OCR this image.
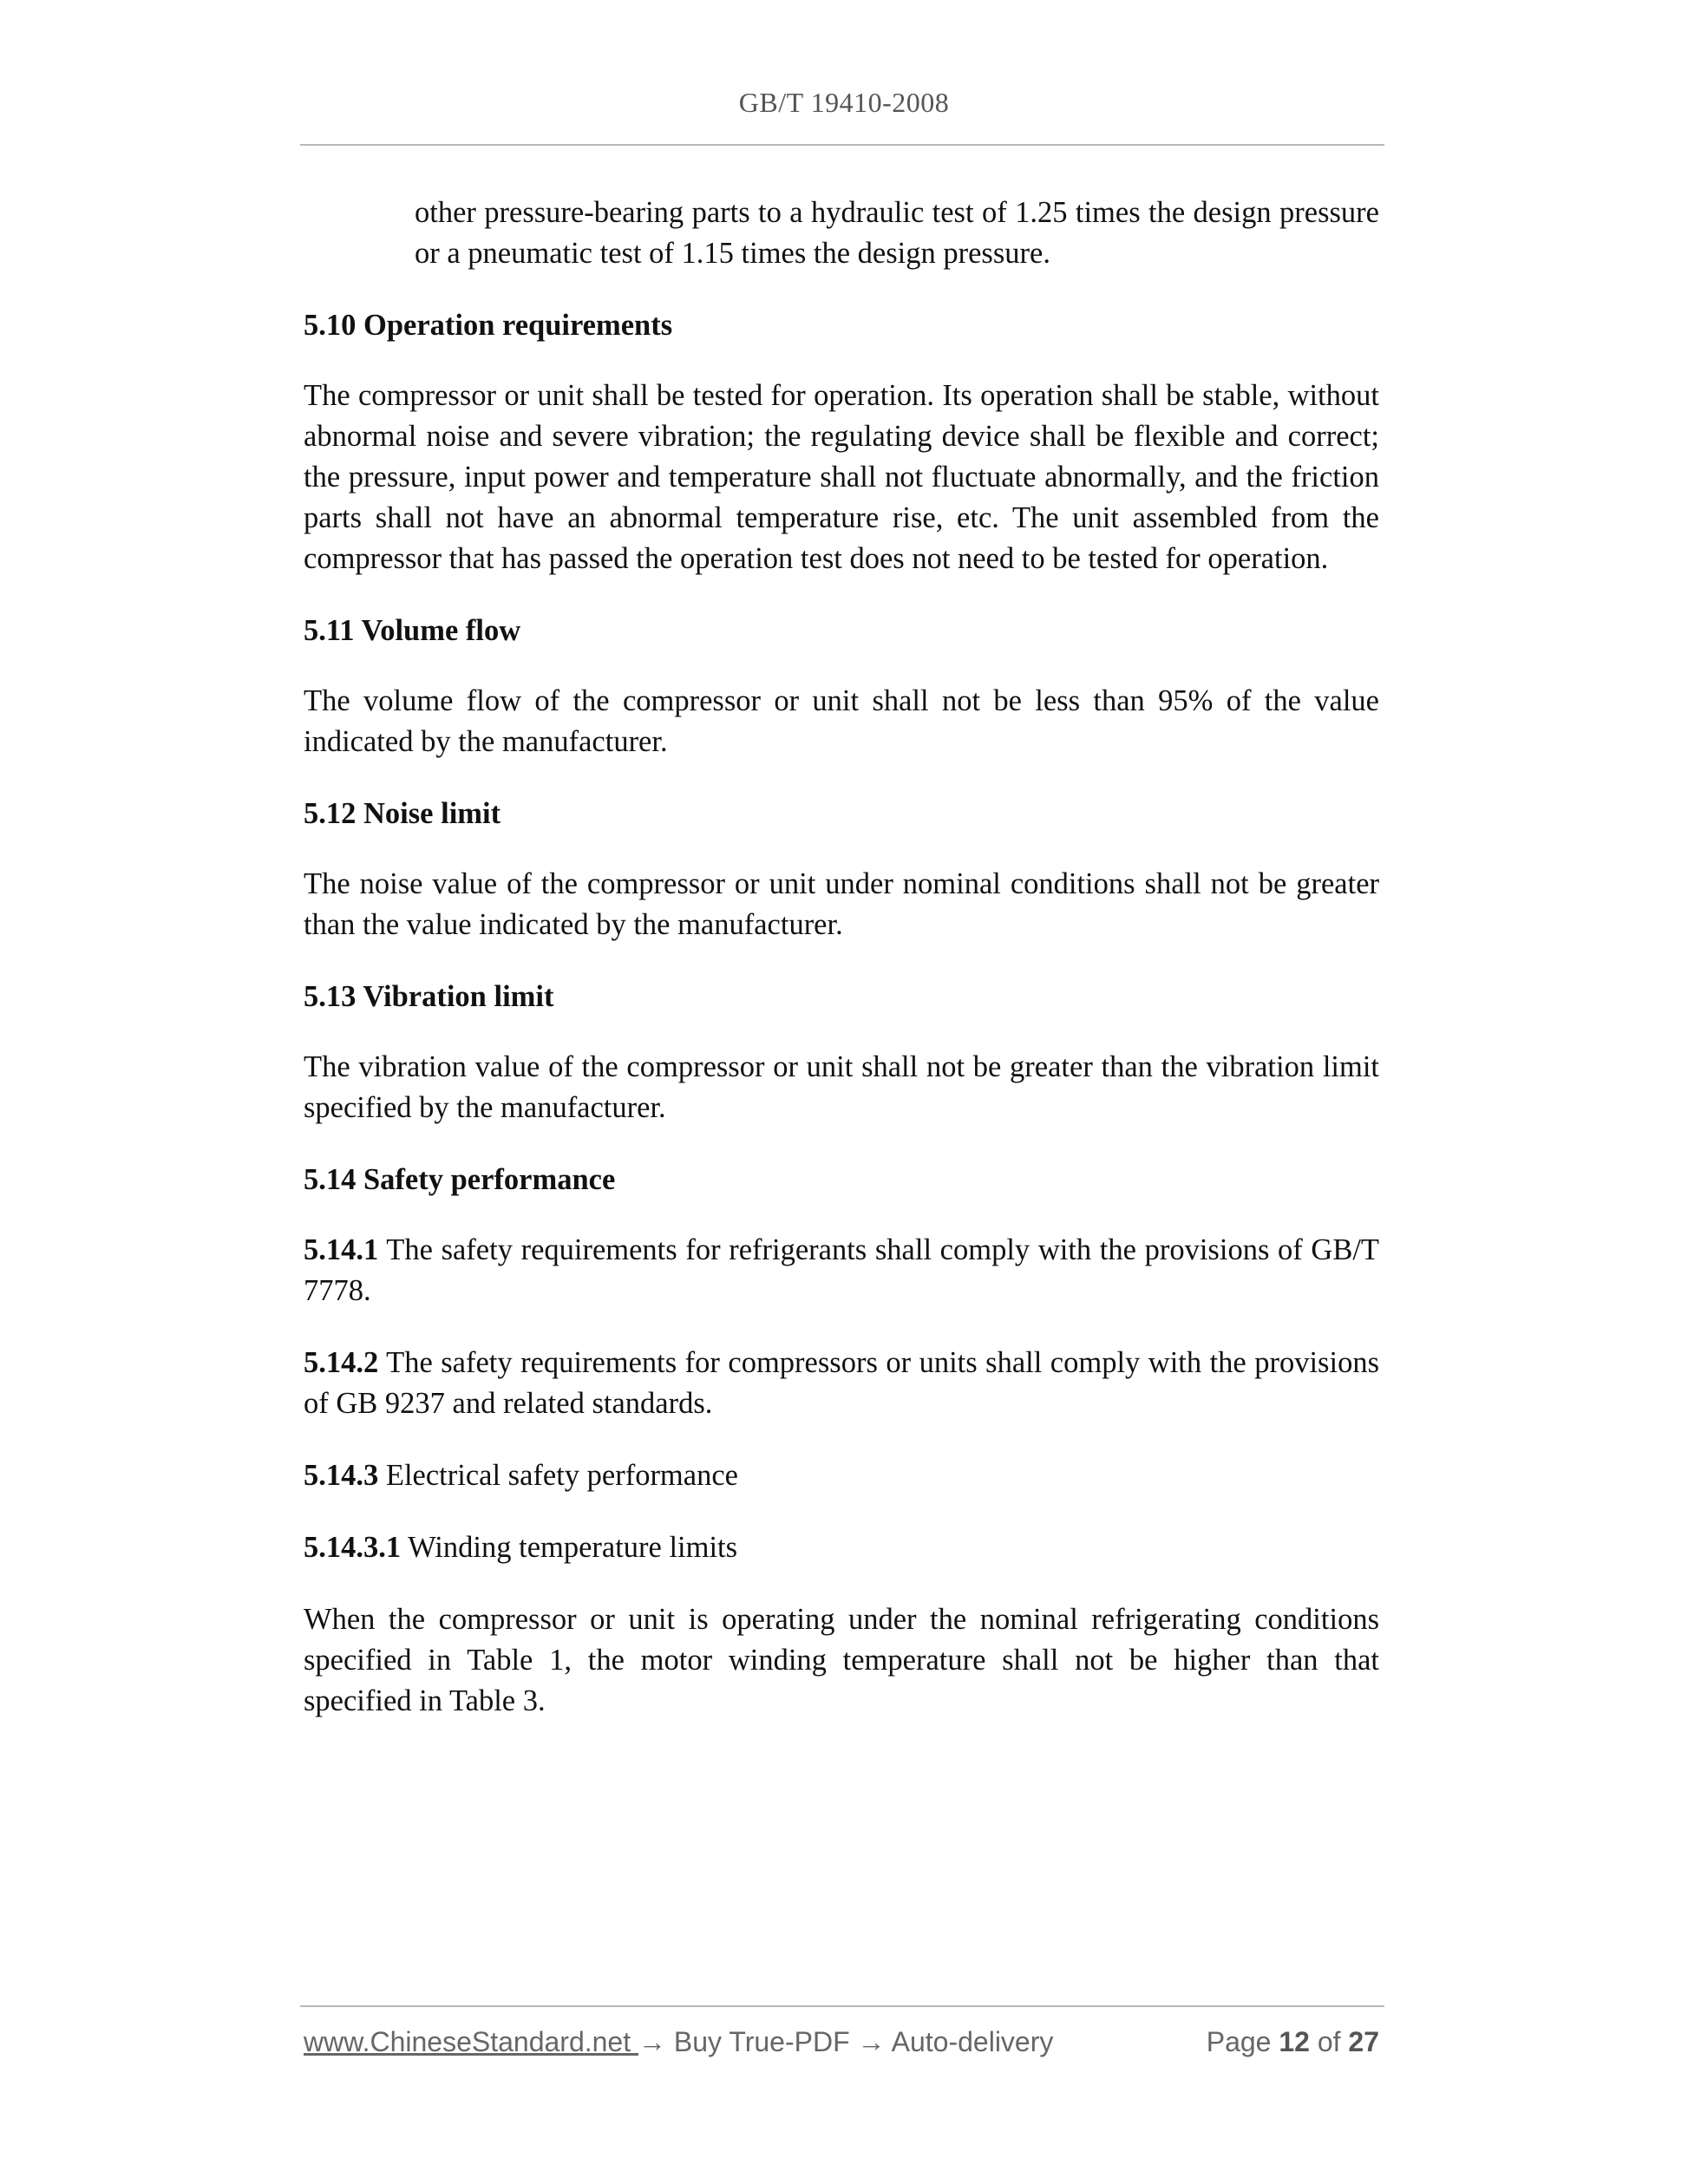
GB/T 19410-2008

other pressure-bearing parts to a hydraulic test of 1.25 times the design pressure or a pneumatic test of 1.15 times the design pressure.

5.10 Operation requirements

The compressor or unit shall be tested for operation. Its operation shall be stable, without abnormal noise and severe vibration; the regulating device shall be flexible and correct; the pressure, input power and temperature shall not fluctuate abnormally, and the friction parts shall not have an abnormal temperature rise, etc. The unit assembled from the compressor that has passed the operation test does not need to be tested for operation.

5.11 Volume flow

The volume flow of the compressor or unit shall not be less than 95% of the value indicated by the manufacturer.

5.12 Noise limit

The noise value of the compressor or unit under nominal conditions shall not be greater than the value indicated by the manufacturer.

5.13 Vibration limit

The vibration value of the compressor or unit shall not be greater than the vibration limit specified by the manufacturer.

5.14 Safety performance

5.14.1 The safety requirements for refrigerants shall comply with the provisions of GB/T 7778.

5.14.2 The safety requirements for compressors or units shall comply with the provisions of GB 9237 and related standards.

5.14.3 Electrical safety performance

5.14.3.1 Winding temperature limits

When the compressor or unit is operating under the nominal refrigerating conditions specified in Table 1, the motor winding temperature shall not be higher than that specified in Table 3.

www.ChineseStandard.net → Buy True-PDF → Auto-delivery	Page 12 of 27
